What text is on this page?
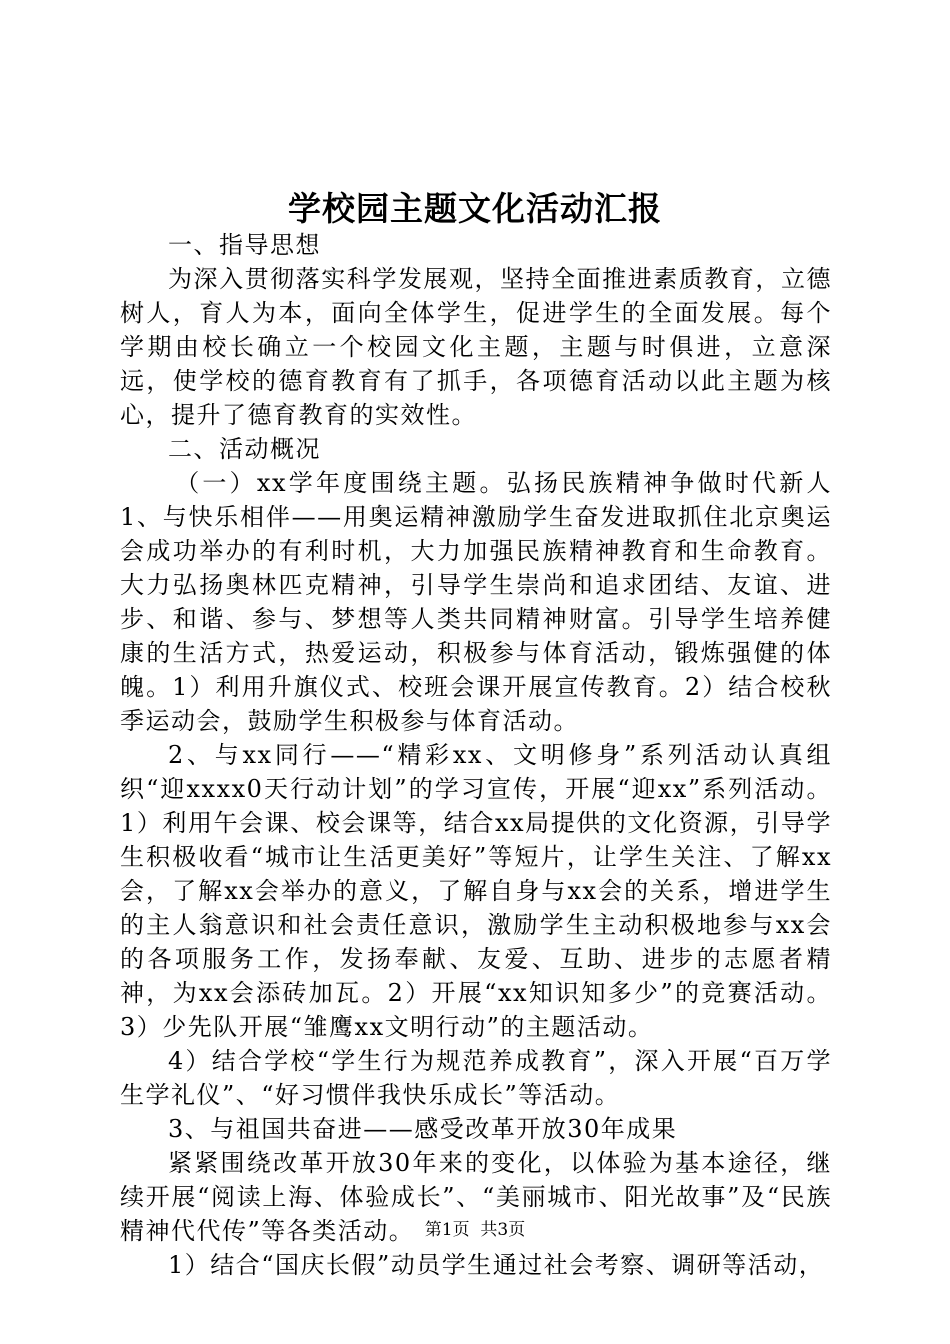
学校园主题文化活动汇报

一、指导思想

为深入贯彻落实科学发展观，坚持全面推进素质教育，立德树人，育人为本，面向全体学生，促进学生的全面发展。每个学期由校长确立一个校园文化主题，主题与时俱进，立意深远，使学校的德育教育有了抓手，各项德育活动以此主题为核心，提升了德育教育的实效性。

二、活动概况

（一）xx学年度围绕主题。弘扬民族精神争做时代新人1、与快乐相伴——用奥运精神激励学生奋发进取抓住北京奥运会成功举办的有利时机，大力加强民族精神教育和生命教育。大力弘扬奥林匹克精神，引导学生崇尚和追求团结、友谊、进步、和谐、参与、梦想等人类共同精神财富。引导学生培养健康的生活方式，热爱运动，积极参与体育活动，锻炼强健的体魄。1）利用升旗仪式、校班会课开展宣传教育。2）结合校秋季运动会，鼓励学生积极参与体育活动。

2、与xx同行——“精彩xx、文明修身”系列活动认真组织“迎xxxx0天行动计划”的学习宣传，开展“迎xx”系列活动。1）利用午会课、校会课等，结合xx局提供的文化资源，引导学生积极收看“城市让生活更美好”等短片，让学生关注、了解xx会，了解xx会举办的意义，了解自身与xx会的关系，增进学生的主人翁意识和社会责任意识，激励学生主动积极地参与xx会的各项服务工作，发扬奉献、友爱、互助、进步的志愿者精神，为xx会添砖加瓦。2）开展“xx知识知多少”的竞赛活动。3）少先队开展“雏鹰xx文明行动”的主题活动。

4）结合学校“学生行为规范养成教育”，深入开展“百万学生学礼仪”、“好习惯伴我快乐成长”等活动。

3、与祖国共奋进——感受改革开放30年成果

紧紧围绕改革开放30年来的变化，以体验为基本途径，继续开展“阅读上海、体验成长”、“美丽城市、阳光故事”及“民族精神代代传”等各类活动。

1）结合“国庆长假”动员学生通过社会考察、调研等活动，

第1页  共3页
